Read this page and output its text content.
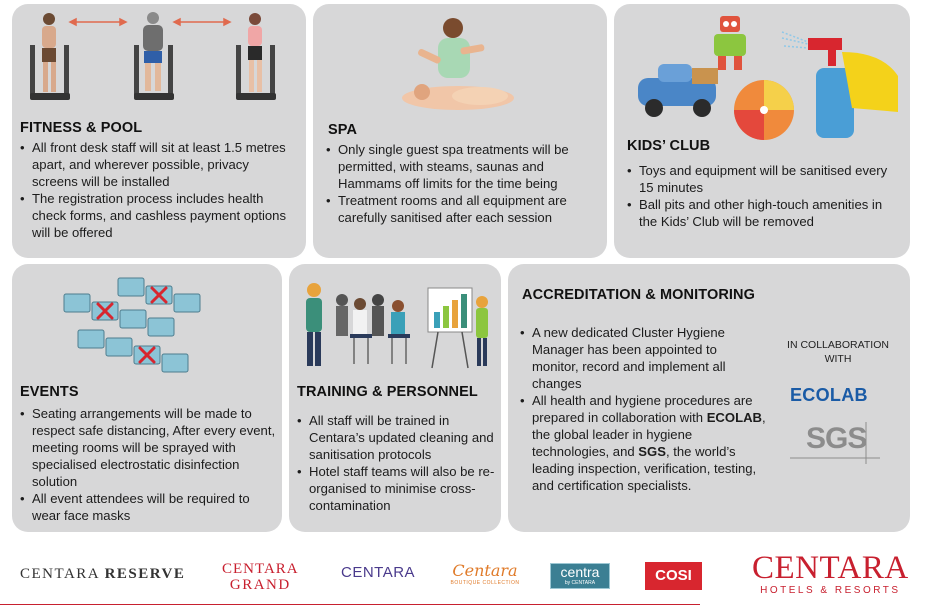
FITNESS & POOL
• All front desk staff will sit at least 1.5 metres apart, and wherever possible, privacy screens will be installed
• The registration process includes health check forms, and cashless payment options will be offered
SPA
• Only single guest spa treatments will be permitted, with steams, saunas and Hammams off limits for the time being
• Treatment rooms and all equipment are carefully sanitised after each session
KIDS’ CLUB
• Toys and equipment will be sanitised every 15 minutes
• Ball pits and other high-touch amenities in the Kids’ Club will be removed
EVENTS
• Seating arrangements will be made to respect safe distancing, After every event, meeting rooms will be sprayed with specialised electrostatic disinfection solution
• All event attendees will be required to wear face masks
TRAINING & PERSONNEL
• All staff will be trained in Centara’s updated cleaning and sanitisation protocols
• Hotel staff teams will also be re-organised to minimise cross-contamination
ACCREDITATION & MONITORING
• A new dedicated Cluster Hygiene Manager has been appointed to monitor, record and implement all changes
• All health and hygiene procedures are prepared in collaboration with ECOLAB, the global leader in hygiene technologies, and SGS, the world’s leading inspection, verification, testing, and certification specialists.
IN COLLABORATION
WITH
ECOLAB
SGS
CENTARA RESERVE CENTARA
GRAND
CENTARA	Centara
BOUTIQUE COLLECTION
centra
by CENTARA	COSI	CENTARA
HOTELS & RESORTS
